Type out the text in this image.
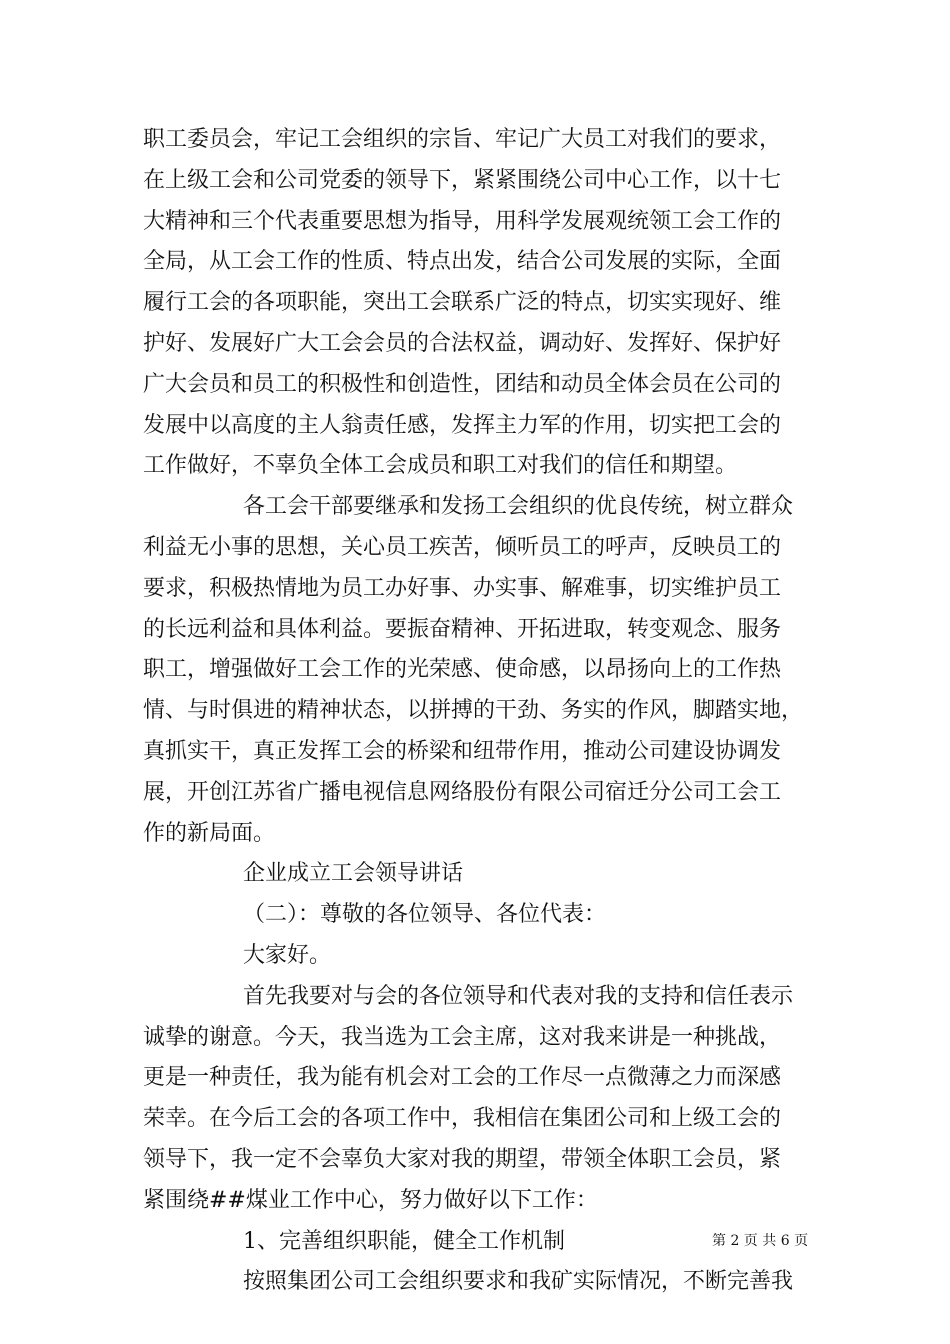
职工委员会，牢记工会组织的宗旨、牢记广大员工对我们的要求，
在上级工会和公司党委的领导下，紧紧围绕公司中心工作，以十七
大精神和三个代表重要思想为指导，用科学发展观统领工会工作的
全局，从工会工作的性质、特点出发，结合公司发展的实际，全面
履行工会的各项职能，突出工会联系广泛的特点，切实实现好、维
护好、发展好广大工会会员的合法权益，调动好、发挥好、保护好
广大会员和员工的积极性和创造性，团结和动员全体会员在公司的
发展中以高度的主人翁责任感，发挥主力军的作用，切实把工会的
工作做好，不辜负全体工会成员和职工对我们的信任和期望。
各工会干部要继承和发扬工会组织的优良传统，树立群众
利益无小事的思想，关心员工疾苦，倾听员工的呼声，反映员工的
要求，积极热情地为员工办好事、办实事、解难事，切实维护员工
的长远利益和具体利益。要振奋精神、开拓进取，转变观念、服务
职工，增强做好工会工作的光荣感、使命感，以昂扬向上的工作热
情、与时俱进的精神状态，以拼搏的干劲、务实的作风，脚踏实地，
真抓实干，真正发挥工会的桥梁和纽带作用，推动公司建设协调发
展，开创江苏省广播电视信息网络股份有限公司宿迁分公司工会工
作的新局面。
企业成立工会领导讲话
（二）：尊敬的各位领导、各位代表：
大家好。
首先我要对与会的各位领导和代表对我的支持和信任表示
诚挚的谢意。今天，我当选为工会主席，这对我来讲是一种挑战，
更是一种责任，我为能有机会对工会的工作尽一点微薄之力而深感
荣幸。在今后工会的各项工作中，我相信在集团公司和上级工会的
领导下，我一定不会辜负大家对我的期望，带领全体职工会员，紧
紧围绕##煤业工作中心，努力做好以下工作：
1、完善组织职能，健全工作机制
按照集团公司工会组织要求和我矿实际情况，不断完善我
第 2 页 共 6 页
